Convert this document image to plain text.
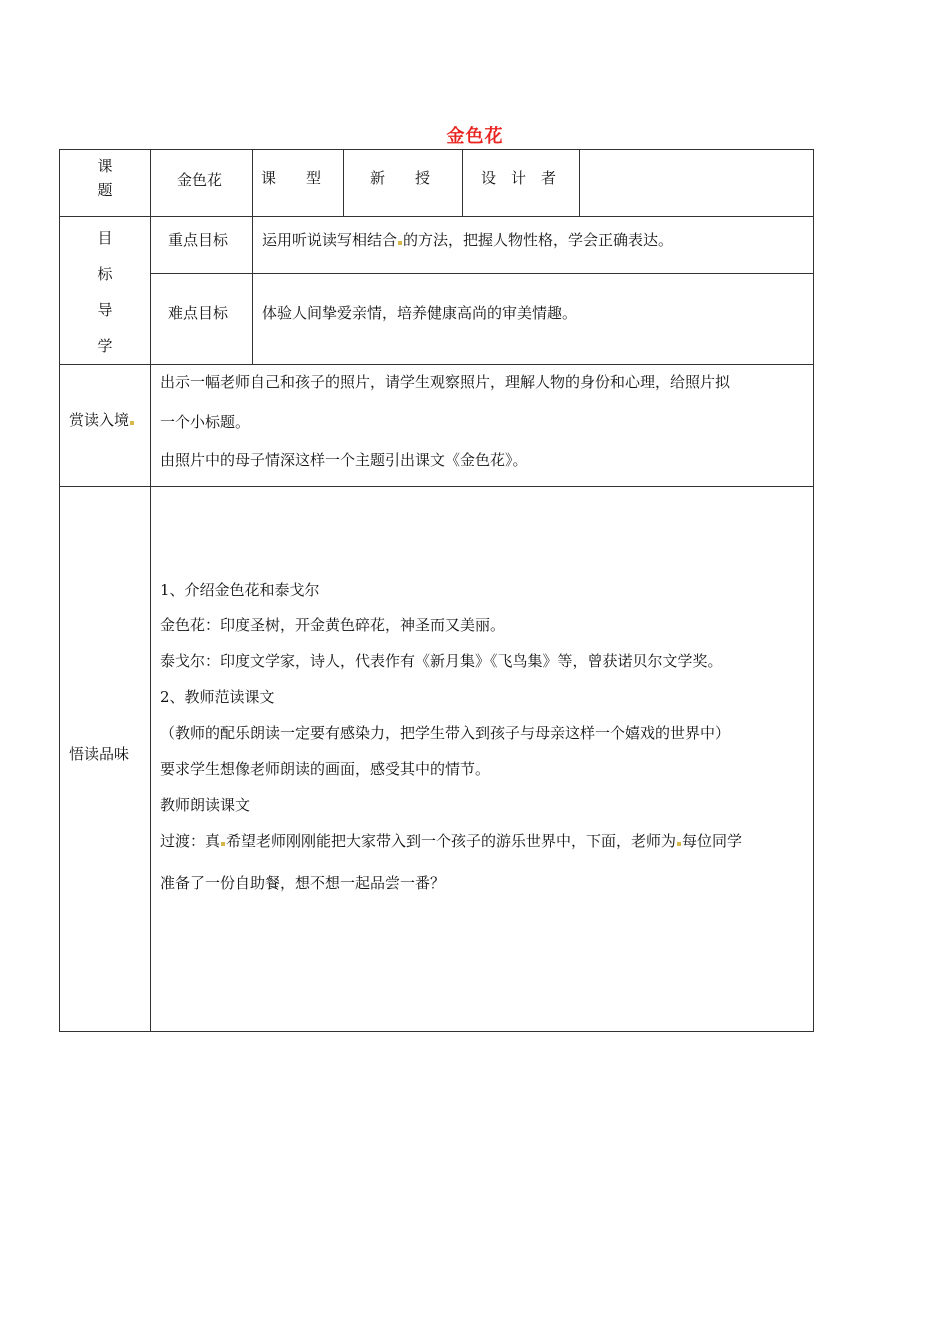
金色花
课
题
金色花	课　　型	新　　授	设　计　者
目
标
导
学
重点目标 运用听说读写相结合 的方法，把握人物性格，学会正确表达。
难点目标 体验人间挚爱亲情，培养健康高尚的审美情趣。
赏读入境
出示一幅老师自己和孩子的照片，请学生观察照片，理解人物的身份和心理，给照片拟
一个小标题。
由照片中的母子情深这样一个主题引出课文《金色花》。
悟读品味
1、介绍金色花和泰戈尔
金色花：印度圣树，开金黄色碎花，神圣而又美丽。
泰戈尔：印度文学家，诗人，代表作有《新月集》《飞鸟集》等，曾获诺贝尔文学奖。
2、教师范读课文
（教师的配乐朗读一定要有感染力，把学生带入到孩子与母亲这样一个嬉戏的世界中）
要求学生想像老师朗读的画面，感受其中的情节。
教师朗读课文
过渡：真 希望老师刚刚能把大家带入到一个孩子的游乐世界中，下面，老师为 每位同学
准备了一份自助餐，想不想一起品尝一番？
